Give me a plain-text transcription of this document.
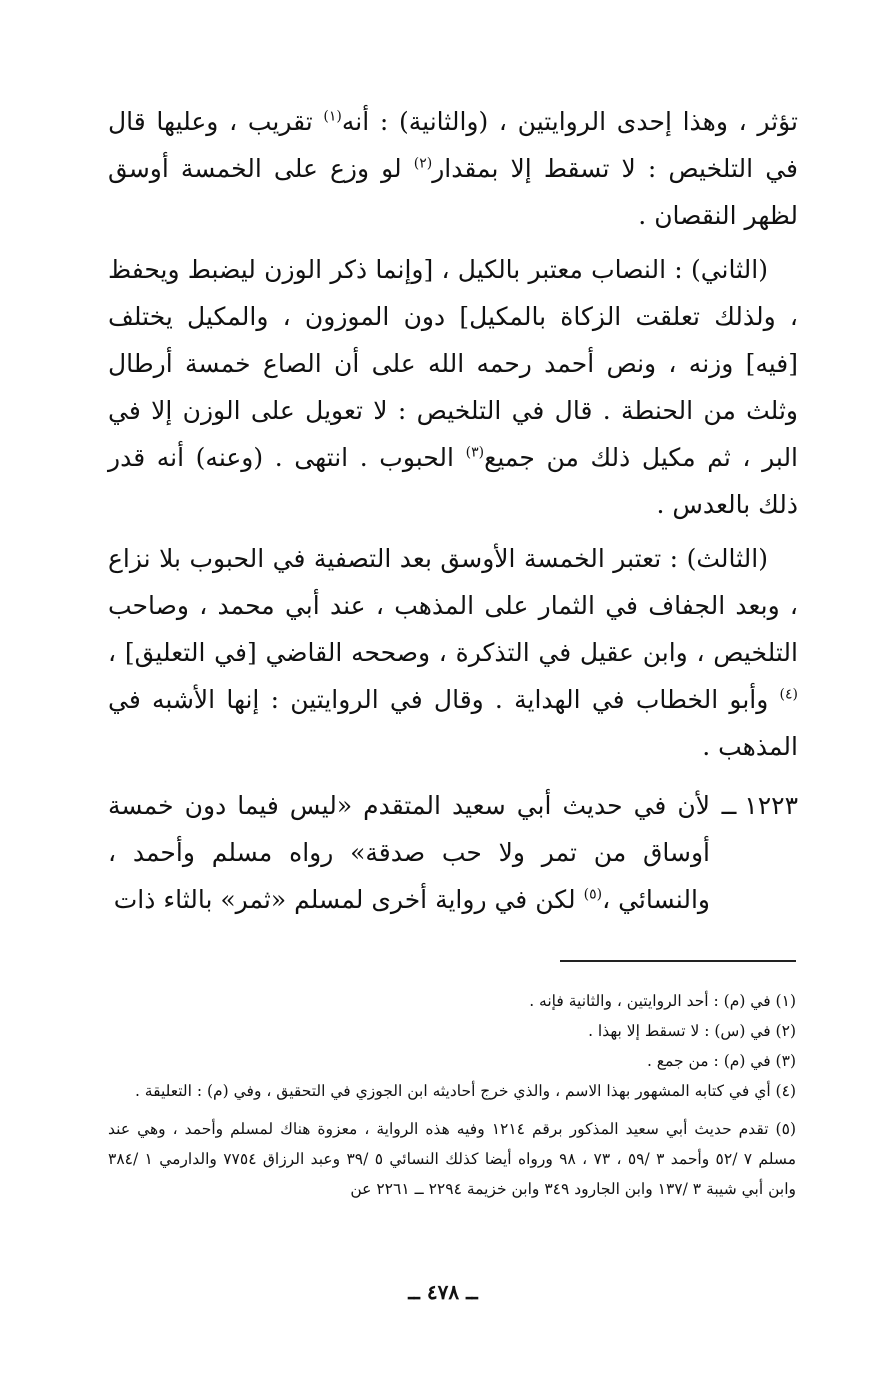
تؤثر ، وهذا إحدى الروايتين ، (والثانية) : أنه$^{(١)}$ تقريب ، وعليها قال في التلخيص : لا تسقط إلا بمقدار$^{(٢)}$ لو وزع على الخمسة أوسق لظهر النقصان .

(الثاني) : النصاب معتبر بالكيل ، [وإنما ذكر الوزن ليضبط ويحفظ ، ولذلك تعلقت الزكاة بالمكيل] دون الموزون ، والمكيل يختلف [فيه] وزنه ، ونص أحمد رحمه الله على أن الصاع خمسة أرطال وثلث من الحنطة . قال في التلخيص : لا تعويل على الوزن إلا في البر ، ثم مكيل ذلك من جميع$^{(٣)}$ الحبوب . انتهى . (وعنه) أنه قدر ذلك بالعدس .

(الثالث) : تعتبر الخمسة الأوسق بعد التصفية في الحبوب بلا نزاع ، وبعد الجفاف في الثمار على المذهب ، عند أبي محمد ، وصاحب التلخيص ، وابن عقيل في التذكرة ، وصححه القاضي [في التعليق] ،$^{(٤)}$ وأبو الخطاب في الهداية . وقال في الروايتين : إنها الأشبه في المذهب .

١٢٢٣ ــ
لأن في حديث أبي سعيد المتقدم «ليس فيما دون خمسة أوساق من تمر ولا حب صدقة» رواه مسلم وأحمد ، والنسائي ،$^{(٥)}$ لكن في رواية أخرى لمسلم «ثمر» بالثاء ذات

(١) في (م) : أحد الروايتين ، والثانية فإنه .

(٢) في (س) : لا تسقط إلا بهذا .

(٣) في (م) : من جمع .

(٤) أي في كتابه المشهور بهذا الاسم ، والذي خرج أحاديثه ابن الجوزي في التحقيق ، وفي (م) : التعليقة .

(٥) تقدم حديث أبي سعيد المذكور برقم ١٢١٤ وفيه هذه الرواية ، معزوة هناك لمسلم وأحمد ، وهي عند مسلم ٧ /٥٢ وأحمد ٣ /٥٩ ، ٧٣ ، ٩٨ ورواه أيضا كذلك النسائي ٥ /٣٩ وعبد الرزاق ٧٧٥٤ والدارمي ١ /٣٨٤ وابن أبي شيبة ٣ /١٣٧ وابن الجارود ٣٤٩ وابن خزيمة ٢٢٩٤ ــ ٢٢٦١ عن

ــ ٤٧٨ ــ
